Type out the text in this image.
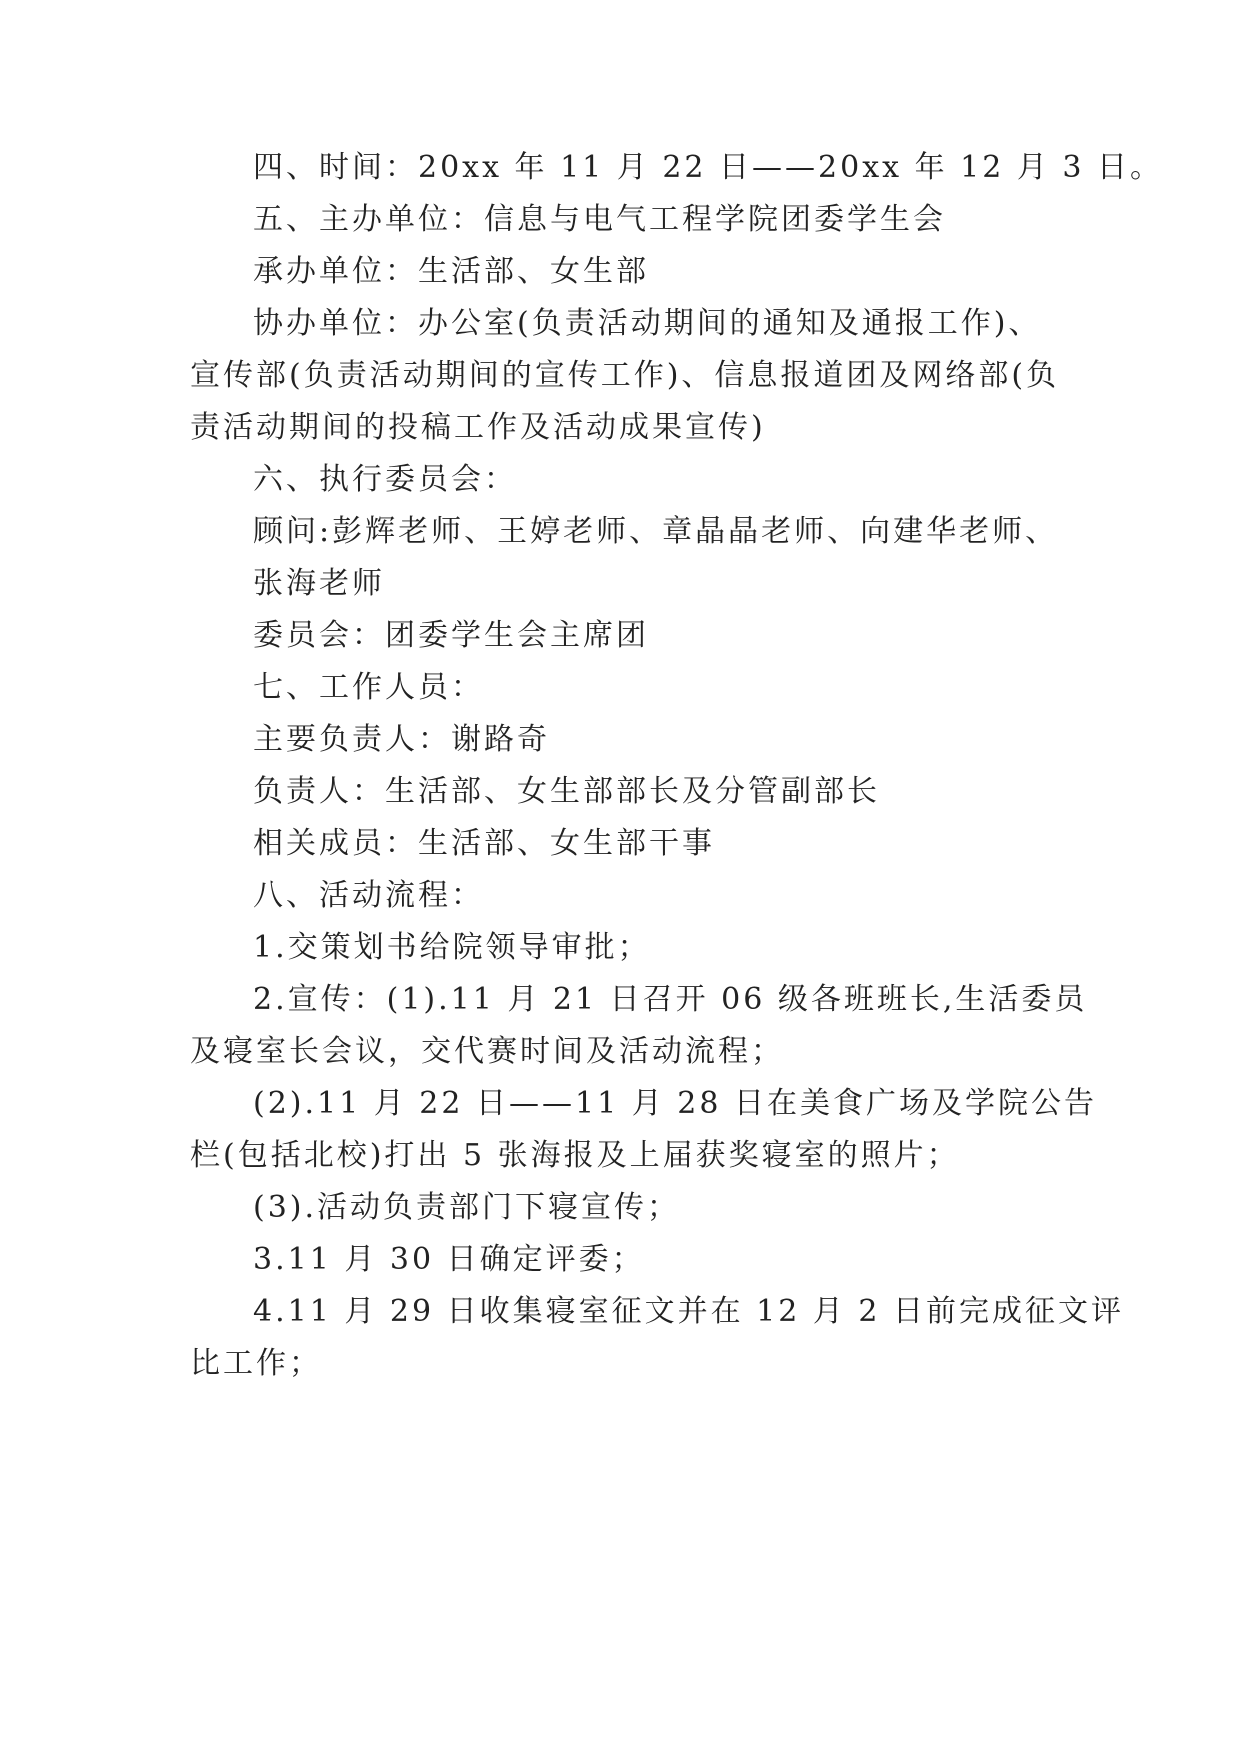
四、时间：20xx 年 11 月 22 日——20xx 年 12 月 3 日。
五、主办单位：信息与电气工程学院团委学生会
承办单位：生活部、女生部
协办单位：办公室(负责活动期间的通知及通报工作)、
宣传部(负责活动期间的宣传工作)、信息报道团及网络部(负
责活动期间的投稿工作及活动成果宣传)
六、执行委员会：
顾问:彭辉老师、王婷老师、章晶晶老师、向建华老师、
张海老师
委员会：团委学生会主席团
七、工作人员：
主要负责人：谢路奇
负责人：生活部、女生部部长及分管副部长
相关成员：生活部、女生部干事
八、活动流程：
1.交策划书给院领导审批；
2.宣传：(1).11 月 21 日召开 06 级各班班长,生活委员
及寝室长会议，交代赛时间及活动流程；
(2).11 月 22 日——11 月 28 日在美食广场及学院公告
栏(包括北校)打出 5 张海报及上届获奖寝室的照片；
(3).活动负责部门下寝宣传；
3.11 月 30 日确定评委；
4.11 月 29 日收集寝室征文并在 12 月 2 日前完成征文评
比工作；
